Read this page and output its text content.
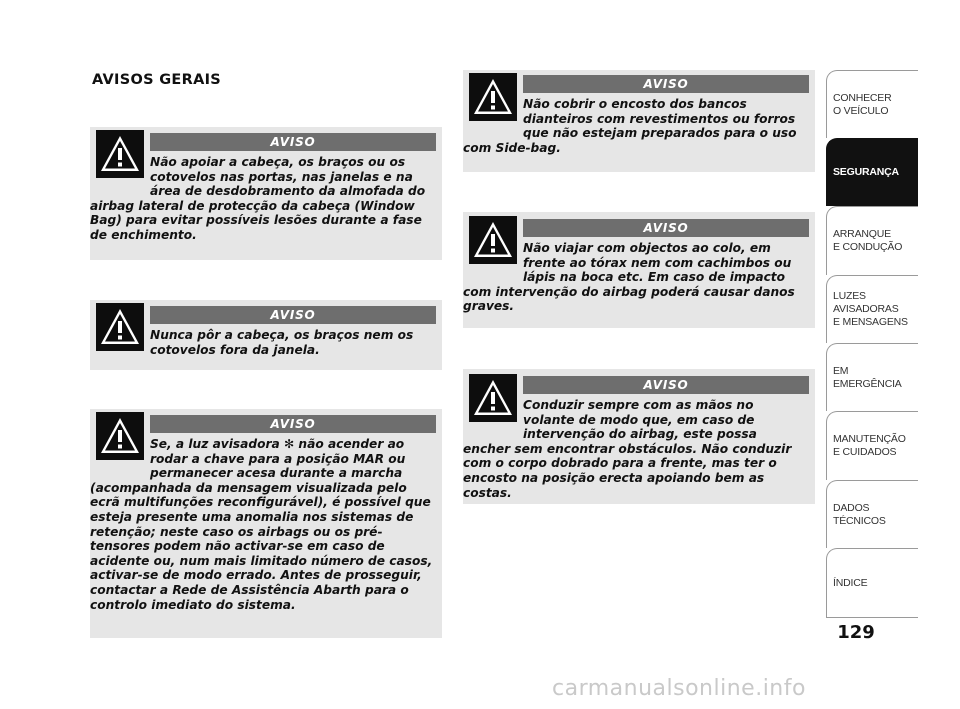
AVISOS GERAIS
AVISO
Não apoiar a cabeça, os braços ou os cotovelos nas portas, nas janelas e na área de desdobramento da almofada do airbag lateral de protecção da cabeça (Window Bag) para evitar possíveis lesões durante a fase de enchimento.
AVISO
Nunca pôr a cabeça, os braços nem os cotovelos fora da janela.
AVISO
Se, a luz avisadora ✻ não acender ao rodar a chave para a posição MAR ou permanecer acesa durante a marcha (acompanhada da mensagem visualizada pelo ecrã multifunções reconfigurável), é possível que esteja presente uma anomalia nos sistemas de retenção; neste caso os airbags ou os pré-tensores podem não activar-se em caso de acidente ou, num mais limitado número de casos, activar-se de modo errado. Antes de prosseguir, contactar a Rede de Assistência Abarth para o controlo imediato do sistema.
AVISO
Não cobrir o encosto dos bancos dianteiros com revestimentos ou forros que não estejam preparados para o uso com Side-bag.
AVISO
Não viajar com objectos ao colo, em frente ao tórax nem com cachimbos ou lápis na boca etc. Em caso de impacto com intervenção do airbag poderá causar danos graves.
AVISO
Conduzir sempre com as mãos no volante de modo que, em caso de intervenção do airbag, este possa encher sem encontrar obstáculos. Não conduzir com o corpo dobrado para a frente, mas ter o encosto na posição erecta apoiando bem as costas.
CONHECER
O VEÍCULO
SEGURANÇA
ARRANQUE
E CONDUÇÃO
LUZES
AVISADORAS
E MENSAGENS
EM EMERGÊNCIA
MANUTENÇÃO
E CUIDADOS
DADOS
TÉCNICOS
ÍNDICE
129
carmanualsonline.info
